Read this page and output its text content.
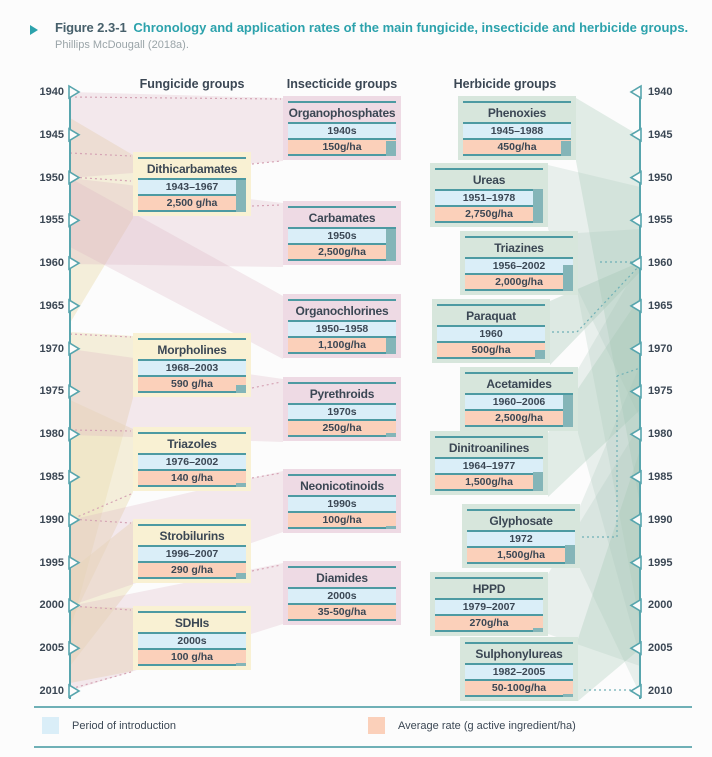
Figure 2.3-1 Chronology and application rates of the main fungicide, insecticide and herbicide groups.
Phillips McDougall (2018a).
1940	1940
1945	1945
1950	1950
1955	1955
1960	1960
1965	1965
1970	1970
1975	1975
1980	1980
1985	1985
1990	1990
1995	1995
2000	2000
2005	2005
2010	2010
Fungicide groups
Dithicarbamates
1943–1967
2,500 g/ha
Morpholines
1968–2003
590 g/ha
Triazoles
1976–2002
140 g/ha
Strobilurins
1996–2007
290 g/ha
SDHIs
2000s
100 g/ha
Insecticide groups
Organophosphates
1940s
150g/ha
Carbamates
1950s
2,500g/ha
Organochlorines
1950–1958
1,100g/ha
Pyrethroids
1970s
250g/ha
Neonicotinoids
1990s
100g/ha
Diamides
2000s
35-50g/ha
Herbicide groups
Phenoxies
1945–1988
450g/ha
Ureas
1951–1978
2,750g/ha
Triazines
1956–2002
2,000g/ha
Paraquat
1960
500g/ha
Acetamides
1960–2006
2,500g/ha
Dinitroanilines
1964–1977
1,500g/ha
Glyphosate
1972
1,500g/ha
HPPD
1979–2007
270g/ha
Sulphonylureas
1982–2005
50-100g/ha
Period of introduction	Average rate (g active ingredient/ha)
